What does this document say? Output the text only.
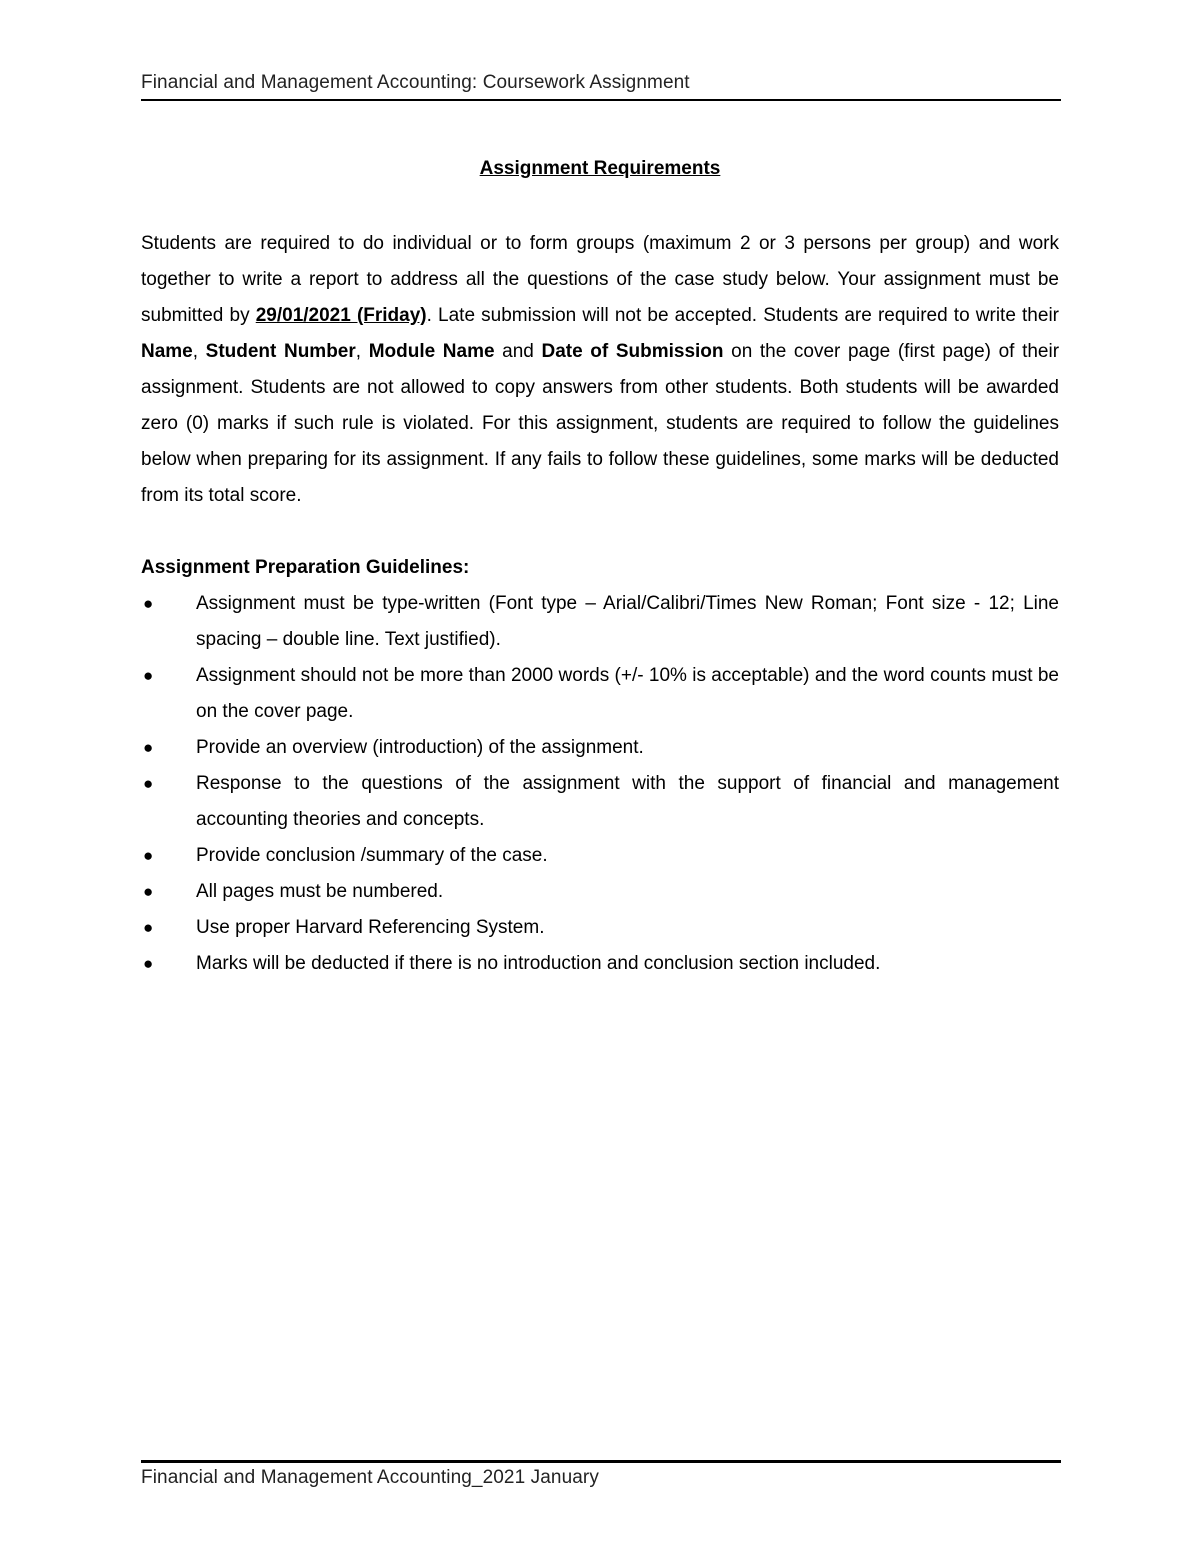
Financial and Management Accounting: Coursework Assignment
Assignment Requirements

Students are required to do individual or to form groups (maximum 2 or 3 persons per group) and work together to write a report to address all the questions of the case study below. Your assignment must be submitted by 29/01/2021 (Friday). Late submission will not be accepted. Students are required to write their Name, Student Number, Module Name and Date of Submission on the cover page (first page) of their assignment. Students are not allowed to copy answers from other students. Both students will be awarded zero (0) marks if such rule is violated. For this assignment, students are required to follow the guidelines below when preparing for its assignment. If any fails to follow these guidelines, some marks will be deducted from its total score.

Assignment Preparation Guidelines:
●	Assignment must be type-written (Font type – Arial/Calibri/Times New Roman; Font size - 12; Line spacing – double line. Text justified).
●	Assignment should not be more than 2000 words (+/- 10% is acceptable) and the word counts must be on the cover page.
●	Provide an overview (introduction) of the assignment.
●	Response to the questions of the assignment with the support of financial and management accounting theories and concepts.
●	Provide conclusion /summary of the case.
●	All pages must be numbered.
●	Use proper Harvard Referencing System.
●	Marks will be deducted if there is no introduction and conclusion section included.
Financial and Management Accounting_2021 January
